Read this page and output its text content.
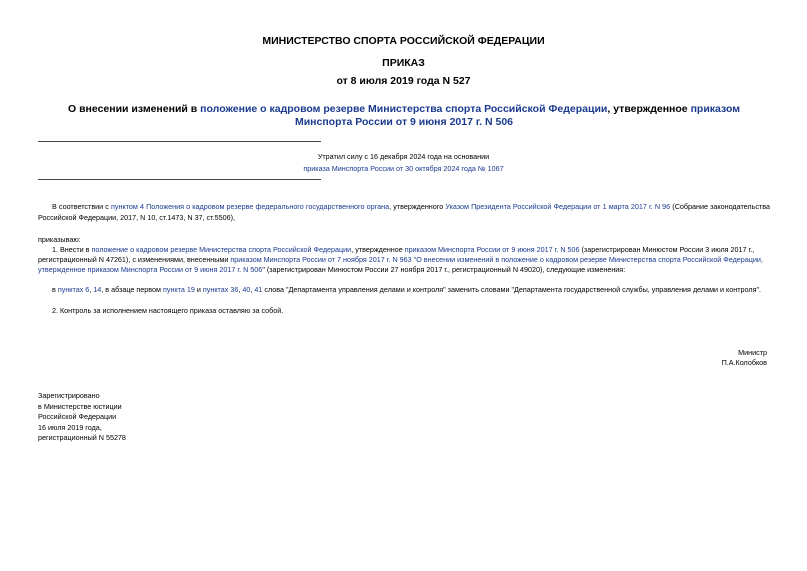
МИНИСТЕРСТВО СПОРТА РОССИЙСКОЙ ФЕДЕРАЦИИ
ПРИКАЗ
от 8 июля 2019 года N 527
О внесении изменений в положение о кадровом резерве Министерства спорта Российской Федерации, утвержденное приказом Минспорта России от 9 июня 2017 г. N 506
Утратил силу с 16 декабря 2024 года на основании
приказа Минспорта России от 30 октября 2024 года № 1067
В соответствии с пунктом 4 Положения о кадровом резерве федерального государственного органа, утвержденного Указом Президента Российской Федерации от 1 марта 2017 г. N 96 (Собрание законодательства Российской Федерации, 2017, N 10, ст.1473, N 37, ст.5506),
приказываю:
1. Внести в положение о кадровом резерве Министерства спорта Российской Федерации, утвержденное приказом Минспорта России от 9 июня 2017 г. N 506 (зарегистрирован Минюстом России 3 июля 2017 г.,
регистрационный N 47261), с изменениями, внесенными приказом Минспорта России от 7 ноября 2017 г. N 963 "О внесении изменений в положение о кадровом резерве Министерства спорта Российской Федерации,
утвержденное приказом Минспорта России от 9 июня 2017 г. N 506" (зарегистрирован Минюстом России 27 ноября 2017 г., регистрационный N 49020), следующие изменения:
в пунктах 6, 14, в абзаце первом пункта 19 и пунктах 36, 40, 41 слова "Департамента управления делами и контроля" заменить словами "Департамента государственной службы, управления делами и контроля".
2. Контроль за исполнением настоящего приказа оставляю за собой.
Министр
П.А.Колобков
Зарегистрировано
в Министерстве юстиции
Российской Федерации
16 июля 2019 года,
регистрационный N 55278
